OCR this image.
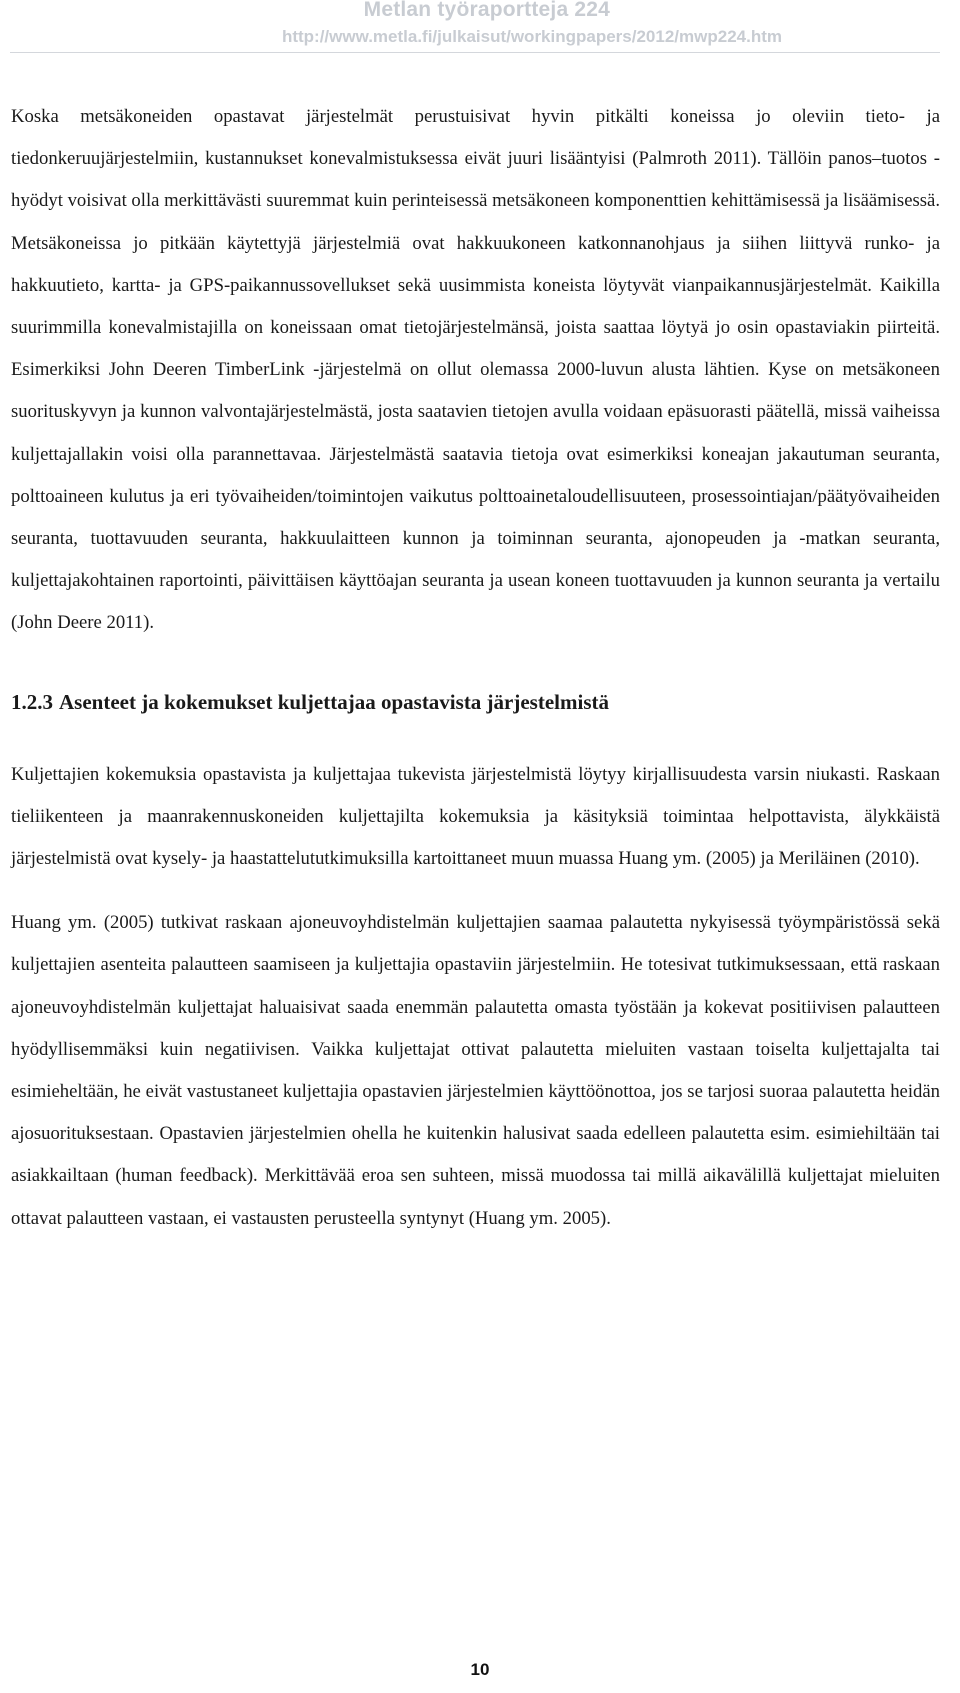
Metlan työraportteja 224
http://www.metla.fi/julkaisut/workingpapers/2012/mwp224.htm

Koska metsäkoneiden opastavat järjestelmät perustuisivat hyvin pitkälti koneissa jo oleviin tieto- ja tiedonkeruujärjestelmiin, kustannukset konevalmistuksessa eivät juuri lisääntyisi (Palmroth 2011). Tällöin panos–tuotos -hyödyt voisivat olla merkittävästi suuremmat kuin perinteisessä metsäkoneen komponenttien kehittämisessä ja lisäämisessä. Metsäkoneissa jo pitkään käytettyjä järjestelmiä ovat hakkuukoneen katkonnanohjaus ja siihen liittyvä runko- ja hakkuutieto, kartta- ja GPS-paikannussovellukset sekä uusimmista koneista löytyvät vianpaikannusjärjestelmät. Kaikilla suurimmilla konevalmistajilla on koneissaan omat tietojärjestelmänsä, joista saattaa löytyä jo osin opastaviakin piirteitä. Esimerkiksi John Deeren TimberLink -järjestelmä on ollut olemassa 2000-luvun alusta lähtien. Kyse on metsäkoneen suorituskyvyn ja kunnon valvontajärjestelmästä, josta saatavien tietojen avulla voidaan epäsuorasti päätellä, missä vaiheissa kuljettajallakin voisi olla parannettavaa. Järjestelmästä saatavia tietoja ovat esimerkiksi koneajan jakautuman seuranta, polttoaineen kulutus ja eri työvaiheiden/toimintojen vaikutus polttoainetaloudellisuuteen, prosessointiajan/päätyövaiheiden seuranta, tuottavuuden seuranta, hakkuulaitteen kunnon ja toiminnan seuranta, ajonopeuden ja -matkan seuranta, kuljettajakohtainen raportointi, päivittäisen käyttöajan seuranta ja usean koneen tuottavuuden ja kunnon seuranta ja vertailu (John Deere 2011).

1.2.3 Asenteet ja kokemukset kuljettajaa opastavista järjestelmistä

Kuljettajien kokemuksia opastavista ja kuljettajaa tukevista järjestelmistä löytyy kirjallisuudesta varsin niukasti. Raskaan tieliikenteen ja maanrakennuskoneiden kuljettajilta kokemuksia ja käsityksiä toimintaa helpottavista, älykkäistä järjestelmistä ovat kysely- ja haastattelututkimuksilla kartoittaneet muun muassa Huang ym. (2005) ja Meriläinen (2010).

Huang ym. (2005) tutkivat raskaan ajoneuvoyhdistelmän kuljettajien saamaa palautetta nykyisessä työympäristössä sekä kuljettajien asenteita palautteen saamiseen ja kuljettajia opastaviin järjestelmiin. He totesivat tutkimuksessaan, että raskaan ajoneuvoyhdistelmän kuljettajat haluaisivat saada enemmän palautetta omasta työstään ja kokevat positiivisen palautteen hyödyllisemmäksi kuin negatiivisen. Vaikka kuljettajat ottivat palautetta mieluiten vastaan toiselta kuljettajalta tai esimieheltään, he eivät vastustaneet kuljettajia opastavien järjestelmien käyttöönottoa, jos se tarjosi suoraa palautetta heidän ajosuorituksestaan. Opastavien järjestelmien ohella he kuitenkin halusivat saada edelleen palautetta esim. esimiehiltään tai asiakkailtaan (human feedback). Merkittävää eroa sen suhteen, missä muodossa tai millä aikavälillä kuljettajat mieluiten ottavat palautteen vastaan, ei vastausten perusteella syntynyt (Huang ym. 2005).

10
